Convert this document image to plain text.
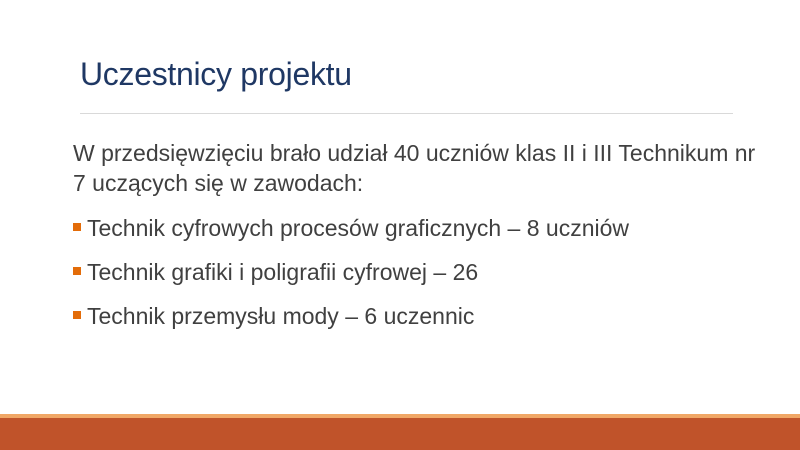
Uczestnicy projektu

W przedsięwzięciu brało udział 40 uczniów klas II i III Technikum nr 7 uczących się w zawodach:

Technik cyfrowych procesów graficznych – 8 uczniów
Technik grafiki i poligrafii cyfrowej – 26
Technik przemysłu mody – 6 uczennic
